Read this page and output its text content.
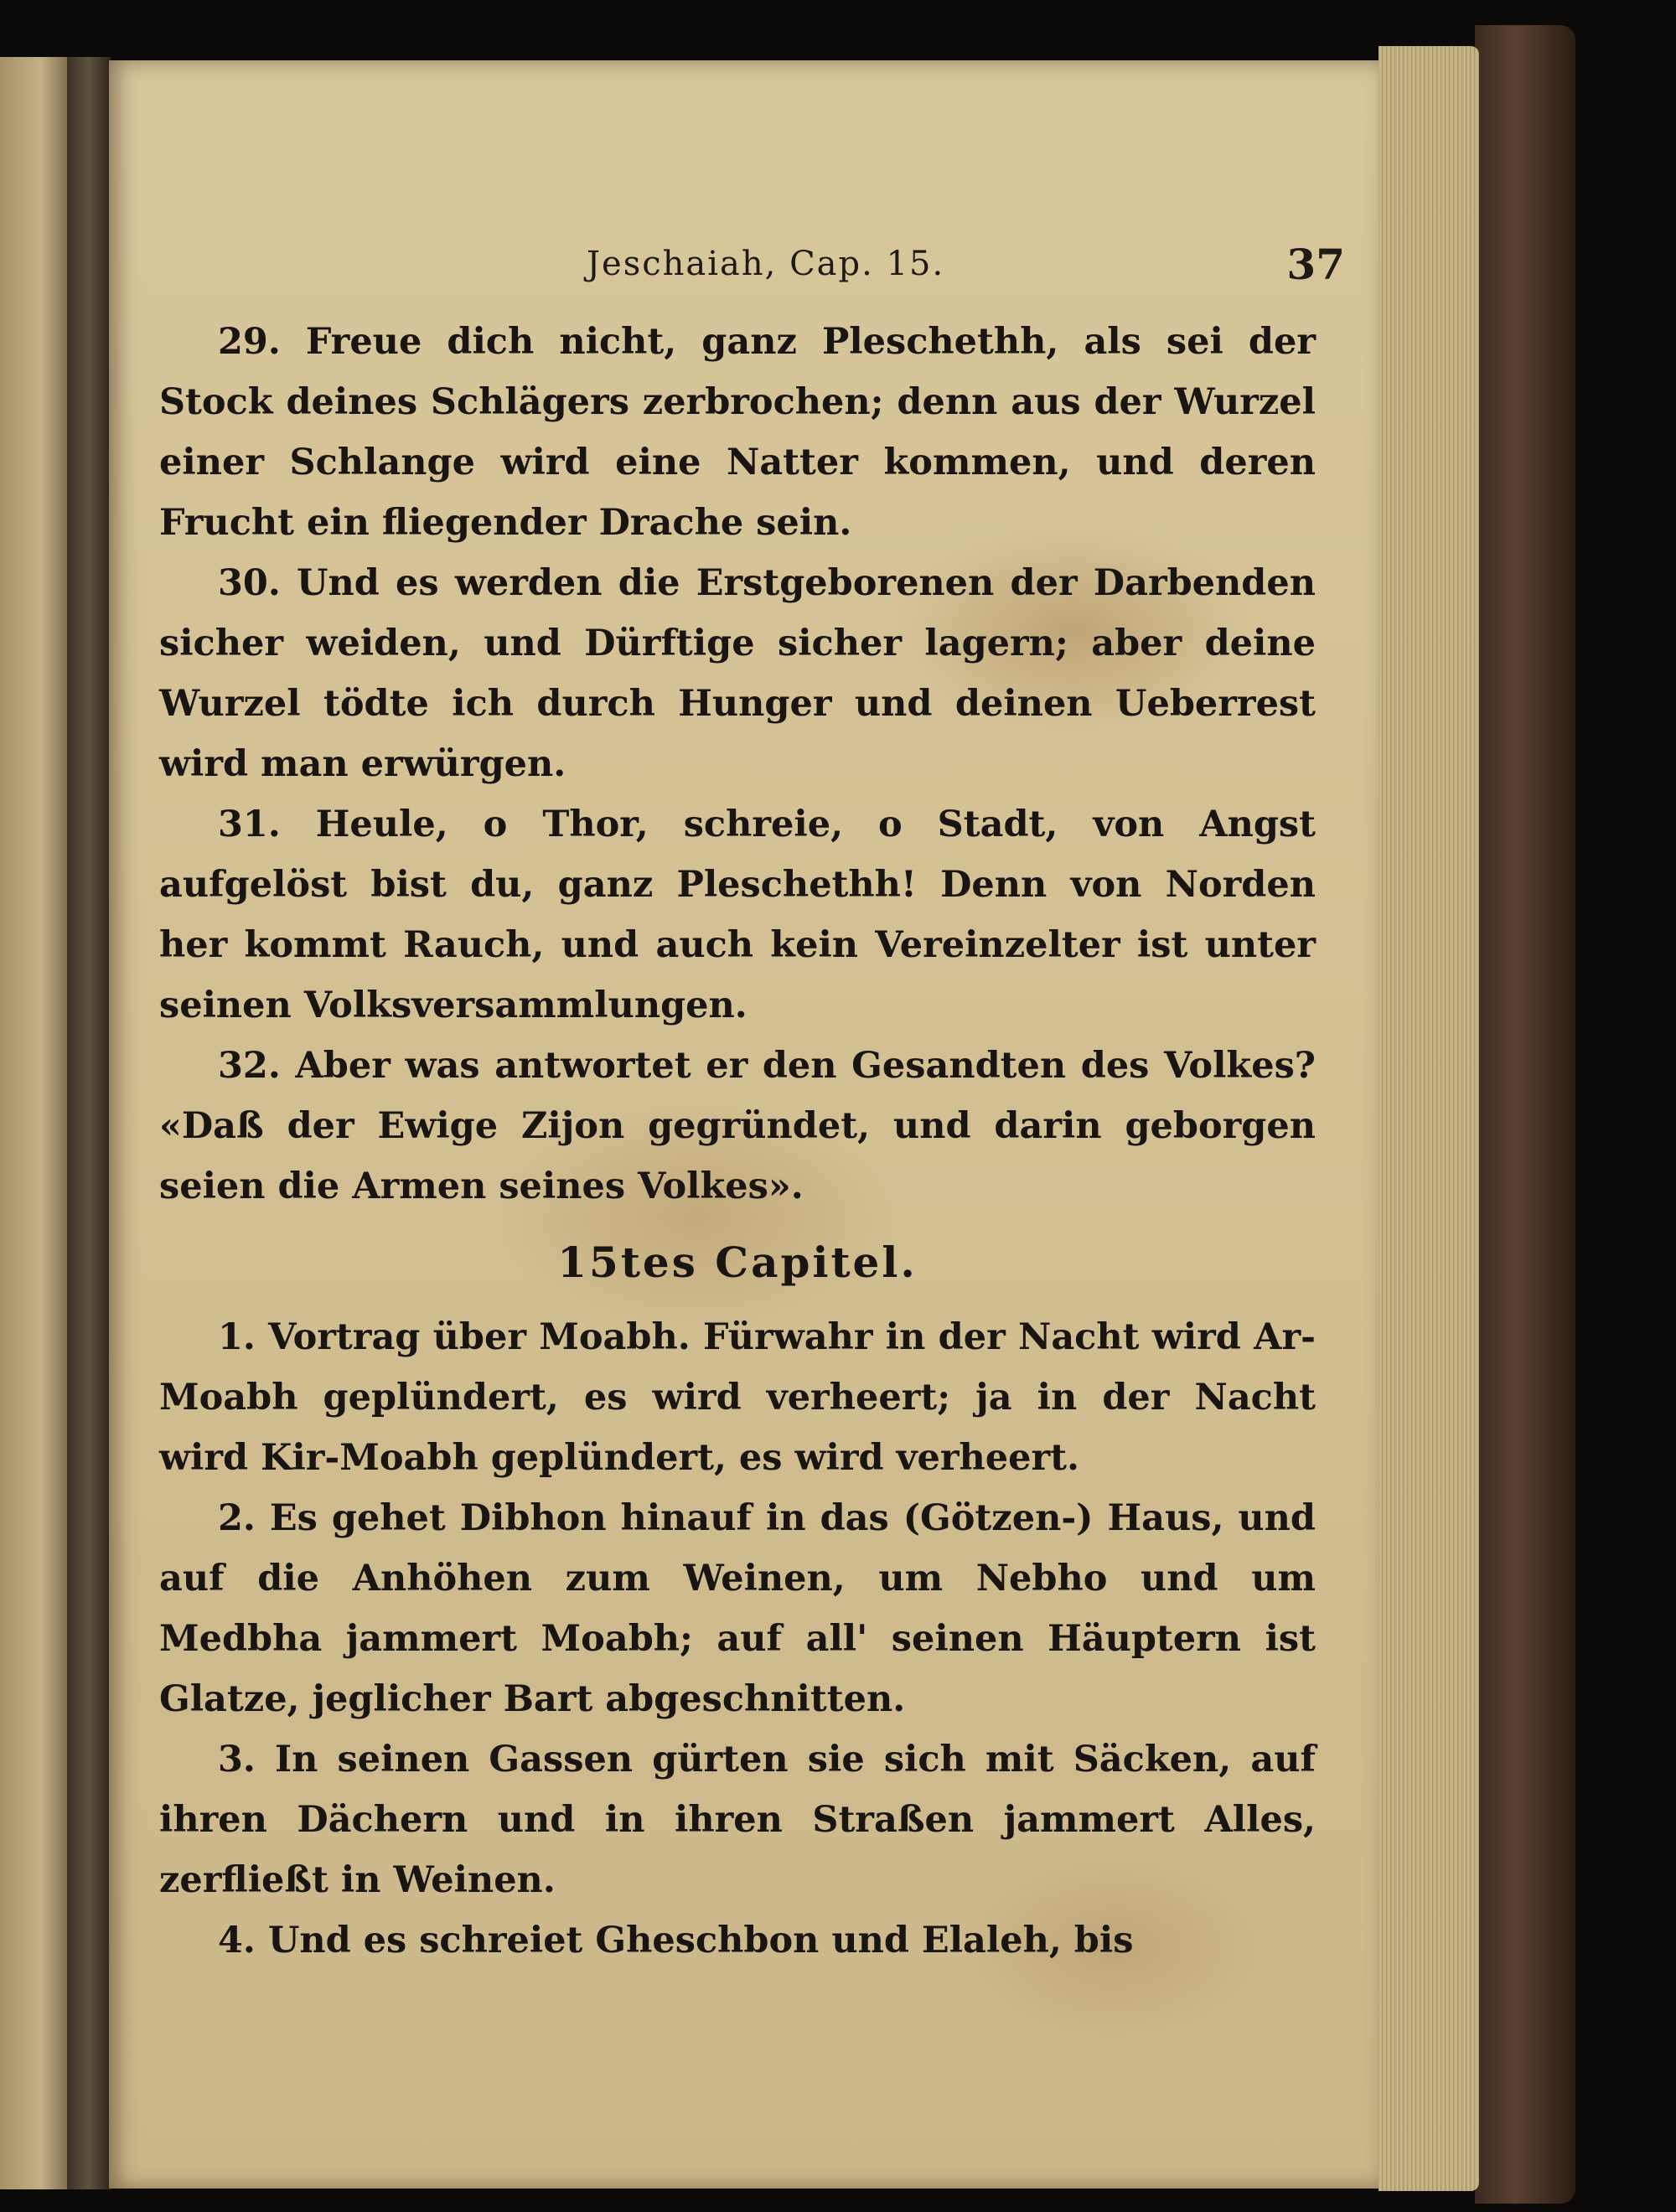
Jeschaiah, Cap. 15.	37

29. Freue dich nicht, ganz Pleschethh, als sei der Stock deines Schlägers zerbrochen; denn aus der Wurzel einer Schlange wird eine Natter kommen, und deren Frucht ein fliegender Drache sein.

30. Und es werden die Erstgeborenen der Darbenden sicher weiden, und Dürftige sicher lagern; aber deine Wurzel tödte ich durch Hunger und deinen Ueberrest wird man erwürgen.

31. Heule, o Thor, schreie, o Stadt, von Angst aufgelöst bist du, ganz Pleschethh! Denn von Norden her kommt Rauch, und auch kein Vereinzelter ist unter seinen Volksversammlungen.

32. Aber was antwortet er den Gesandten des Volkes? «Daß der Ewige Zijon gegründet, und darin geborgen seien die Armen seines Volkes».

15tes Capitel.

1. Vortrag über Moabh. Fürwahr in der Nacht wird Ar-Moabh geplündert, es wird verheert; ja in der Nacht wird Kir-Moabh geplündert, es wird verheert.

2. Es gehet Dibhon hinauf in das (Götzen-) Haus, und auf die Anhöhen zum Weinen, um Nebho und um Medbha jammert Moabh; auf all' seinen Häuptern ist Glatze, jeglicher Bart abgeschnitten.

3. In seinen Gassen gürten sie sich mit Säcken, auf ihren Dächern und in ihren Straßen jammert Alles, zerfließt in Weinen.

4. Und es schreiet Gheschbon und Elaleh, bis
